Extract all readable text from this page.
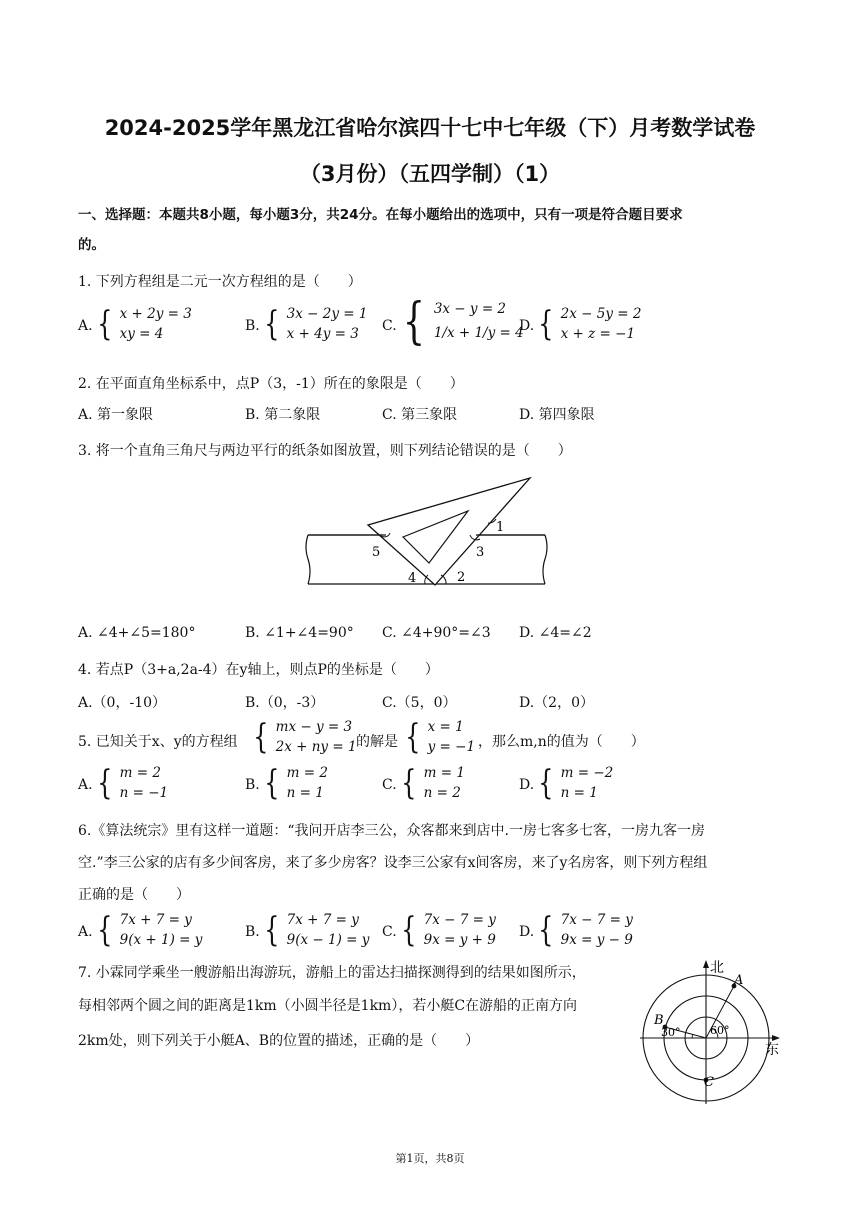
2024-2025学年黑龙江省哈尔滨四十七中七年级（下）月考数学试卷
（3月份）（五四学制）（1）
一、选择题：本题共8小题，每小题3分，共24分。在每小题给出的选项中，只有一项是符合题目要求
的。
1. 下列方程组是二元一次方程组的是（　　）
A. { x + 2y = 3
xy = 4	B. { 3x − 2y = 1
x + 4y = 3	C. { 3x − y = 2
1/x + 1/y = 4
D. { 2x − 5y = 2
x + z = −1
2. 在平面直角坐标系中，点P（3，-1）所在的象限是（　　）
A. 第一象限	B. 第二象限	C. 第三象限	D. 第四象限
3. 将一个直角三角尺与两边平行的纸条如图放置，则下列结论错误的是（　　）
1
2
3
4
5
A. ∠4+∠5=180°	B. ∠1+∠4=90° C. ∠4+90°=∠3 D. ∠4=∠2
4. 若点P（3+a,2a-4）在y轴上，则点P的坐标是（　　）
A.（0，-10）	B.（0，-3）	C.（5，0）	D.（2，0）
5. 已知关于x、y的方程组 { mx − y = 3
2x + ny = 1 的解是 { x = 1
y = −1 ，那么m,n的值为（　　）
A. { m = 2
n = −1	B. { m = 2
n = 1	C. { m = 1
n = 2	D. { m = −2
n = 1
6.《算法统宗》里有这样一道题：“我问开店李三公，众客都来到店中.一房七客多七客，一房九客一房
空.”李三公家的店有多少间客房，来了多少房客？设李三公家有x间客房，来了y名房客，则下列方程组
正确的是（　　）
A. { 7x + 7 = y
9(x + 1) = y	B. { 7x + 7 = y
9(x − 1) = y C. { 7x − 7 = y
9x = y + 9 D. { 7x − 7 = y
9x = y − 9
7. 小霖同学乘坐一艘游船出海游玩，游船上的雷达扫描探测得到的结果如图所示，
每相邻两个圆之间的距离是1km（小圆半径是1km），若小艇C在游船的正南方向
2km处，则下列关于小艇A、B的位置的描述，正确的是（　　）
北
东
A
B
C
30°	60°
第1页，共8页
